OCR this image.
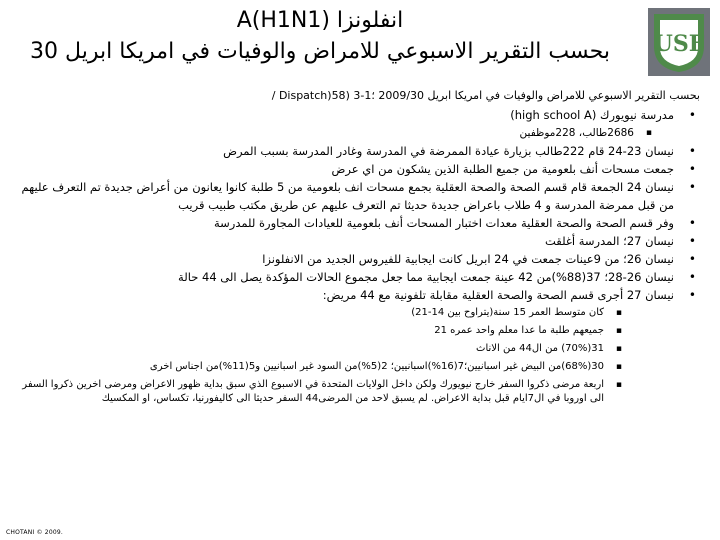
USF
انفلونزا (A(H1N1
بحسب التقرير الاسبوعي للامراض والوفيات في امريكا ابريل 30
بحسب التقرير الاسبوعي للامراض والوفيات في امريكا ابريل 2009/30 ؛1-3 (58(Dispatch /
• مدرسة نيويورك (high school A)
▪ 2686طالب، 228موظفين
• نيسان 23-24 قام 222طالب بزيارة عيادة الممرضة في المدرسة وغادر المدرسة بسبب المرض
• جمعت مسحات أنف بلعومية من جميع الطلبة الذين يشكون من اي عرض
• نيسان 24 الجمعة قام قسم الصحة والصحة العقلية بجمع مسحات انف بلعومية من 5 طلبة كانوا يعانون من أعراض جديدة تم التعرف عليهم من قبل ممرضة المدرسة و 4 طلاب باعراض جديدة حديثا تم التعرف عليهم عن طريق مكتب طبيب قريب
• وفر قسم الصحة والصحة العقلية معدات اختبار المسحات أنف بلعومية للعيادات المجاورة للمدرسة
• نيسان 27؛ المدرسة أغلقت
• نيسان 26؛ من 9عينات جمعت في 24 ابريل كانت ايجابية للفيروس الجديد من الانفلونزا
• نيسان 26-28؛ 37(88%)من 42 عينة جمعت ايجابية مما جعل مجموع الحالات المؤكدة يصل الى 44 حالة
• نيسان 27 أجرى قسم الصحة والصحة العقلية مقابلة تلفونية مع 44 مريض:
▪ كان متوسط العمر 15 سنة(يتراوح بين 14-21)
▪ جميعهم طلبة ما عدا معلم واحد عمره 21
▪ 31(70%) من ال44 من الاناث
▪ 30(68%)من البيض غير اسبانيين؛7(16%)اسبانيين؛ 2(5%)من السود غير اسبانيين و5(11%)من اجناس اخرى
▪ اربعة مرضى ذكروا السفر خارج نيويورك ولكن داخل الولايات المتحدة في الاسبوع الذي سبق بداية ظهور الاعراض ومرضى اخرين ذكروا السفر الى اوروبا في ال7ايام قبل بداية الاعراض. لم يسبق لاحد من المرضى44 السفر حديثا الى كاليفورنيا، تكساس، او المكسيك
CHOTANI © 2009.
